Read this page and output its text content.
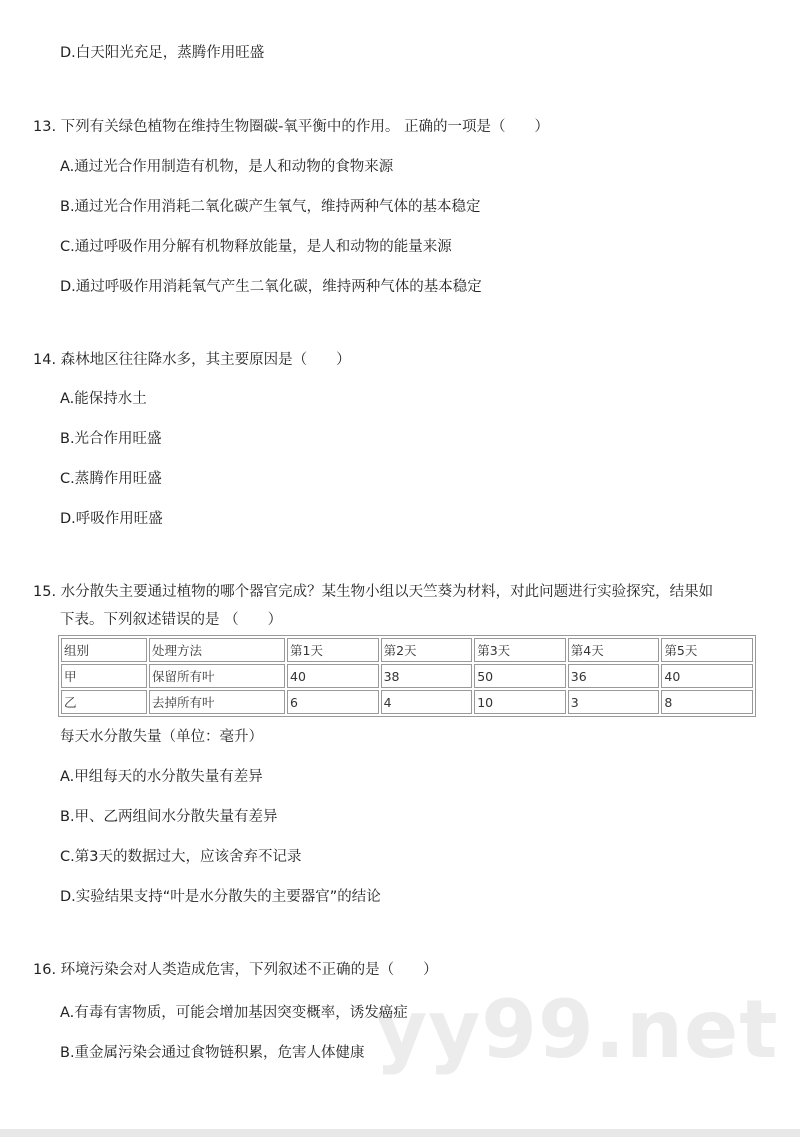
yy99.net
D.白天阳光充足，蒸腾作用旺盛
13. 下列有关绿色植物在维持生物圈碳-氧平衡中的作用。 正确的一项是（　　）
A.通过光合作用制造有机物，是人和动物的食物来源
B.通过光合作用消耗二氧化碳产生氧气，维持两种气体的基本稳定
C.通过呼吸作用分解有机物释放能量，是人和动物的能量来源
D.通过呼吸作用消耗氧气产生二氧化碳，维持两种气体的基本稳定
14. 森林地区往往降水多，其主要原因是（　　）
A.能保持水土
B.光合作用旺盛
C.蒸腾作用旺盛
D.呼吸作用旺盛
15. 水分散失主要通过植物的哪个器官完成？某生物小组以天竺葵为材料，对此问题进行实验探究，结果如
下表。下列叙述错误的是 （　　）
组别	处理方法	第1天	第2天	第3天	第4天	第5天
甲	保留所有叶	40	38	50	36	40
乙	去掉所有叶	6	4	10	3	8
每天水分散失量（单位：毫升）
A.甲组每天的水分散失量有差异
B.甲、乙两组间水分散失量有差异
C.第3天的数据过大，应该舍弃不记录
D.实验结果支持“叶是水分散失的主要器官”的结论
16. 环境污染会对人类造成危害，下列叙述不正确的是（　　）
A.有毒有害物质，可能会增加基因突变概率，诱发癌症
B.重金属污染会通过食物链积累，危害人体健康
